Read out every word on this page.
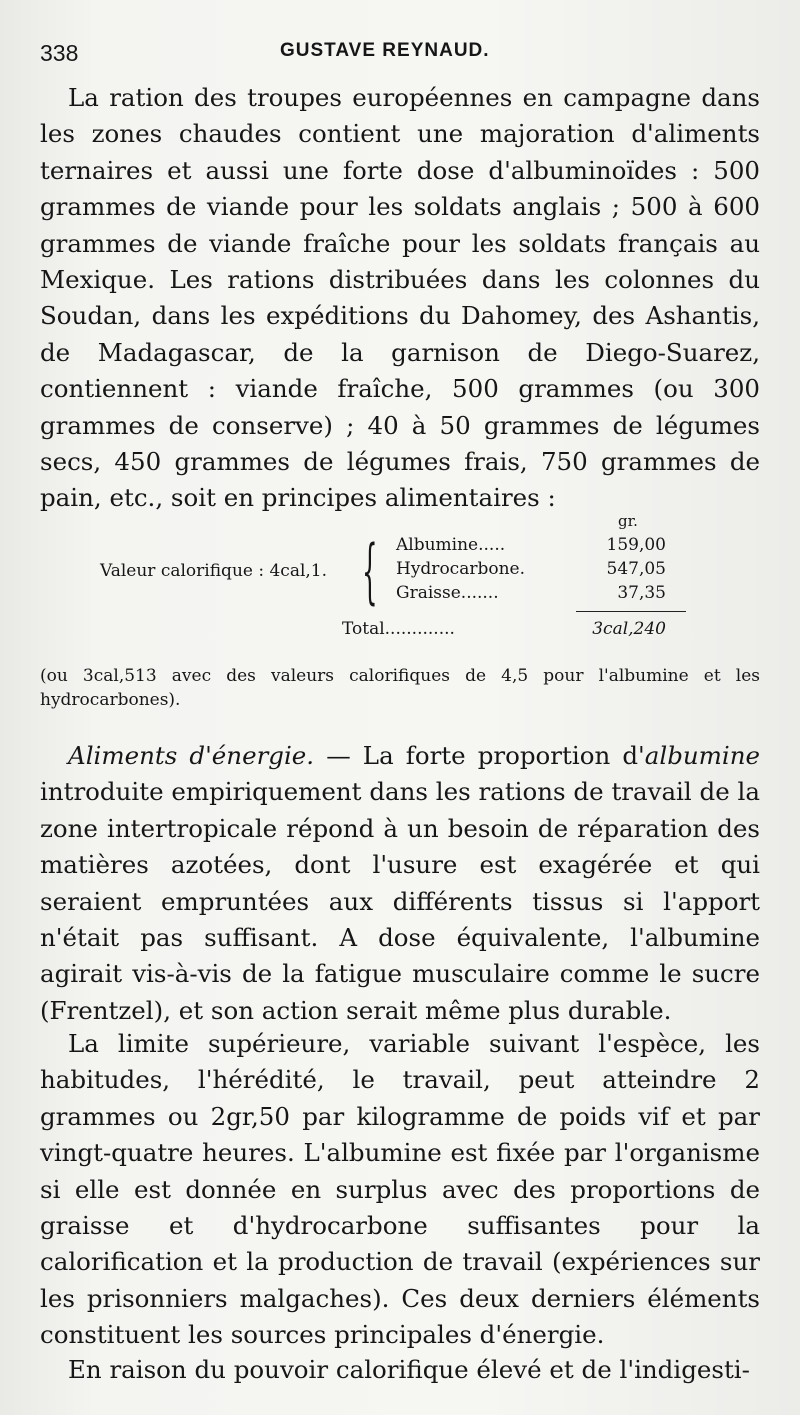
338	GUSTAVE REYNAUD.

La ration des troupes européennes en campagne dans les zones chaudes contient une majoration d'aliments ternaires et aussi une forte dose d'albuminoïdes : 500 grammes de viande pour les soldats anglais ; 500 à 600 grammes de viande fraîche pour les soldats français au Mexique. Les rations distribuées dans les colonnes du Soudan, dans les expéditions du Dahomey, des Ashantis, de Madagascar, de la garnison de Diego-Suarez, contiennent : viande fraîche, 500 grammes (ou 300 grammes de conserve) ; 40 à 50 grammes de légumes secs, 450 grammes de légumes frais, 750 grammes de pain, etc., soit en principes alimentaires :

gr.
Valeur calorifique : 4cal,1. { Albumine.....	159,00
Hydrocarbone.	547,05
Graisse.......	37,35
Total.............	3cal,240
(ou 3cal,513 avec des valeurs calorifiques de 4,5 pour l'albumine et les hydrocarbones).

Aliments d'énergie. — La forte proportion d'albumine introduite empiriquement dans les rations de travail de la zone intertropicale répond à un besoin de réparation des matières azotées, dont l'usure est exagérée et qui seraient empruntées aux différents tissus si l'apport n'était pas suffisant. A dose équivalente, l'albumine agirait vis-à-vis de la fatigue musculaire comme le sucre (Frentzel), et son action serait même plus durable.

La limite supérieure, variable suivant l'espèce, les habitudes, l'hérédité, le travail, peut atteindre 2 grammes ou 2gr,50 par kilogramme de poids vif et par vingt-quatre heures. L'albumine est fixée par l'organisme si elle est donnée en surplus avec des proportions de graisse et d'hydrocarbone suffisantes pour la calorification et la production de travail (expériences sur les prisonniers malgaches). Ces deux derniers éléments constituent les sources principales d'énergie.

En raison du pouvoir calorifique élevé et de l'indigesti-
